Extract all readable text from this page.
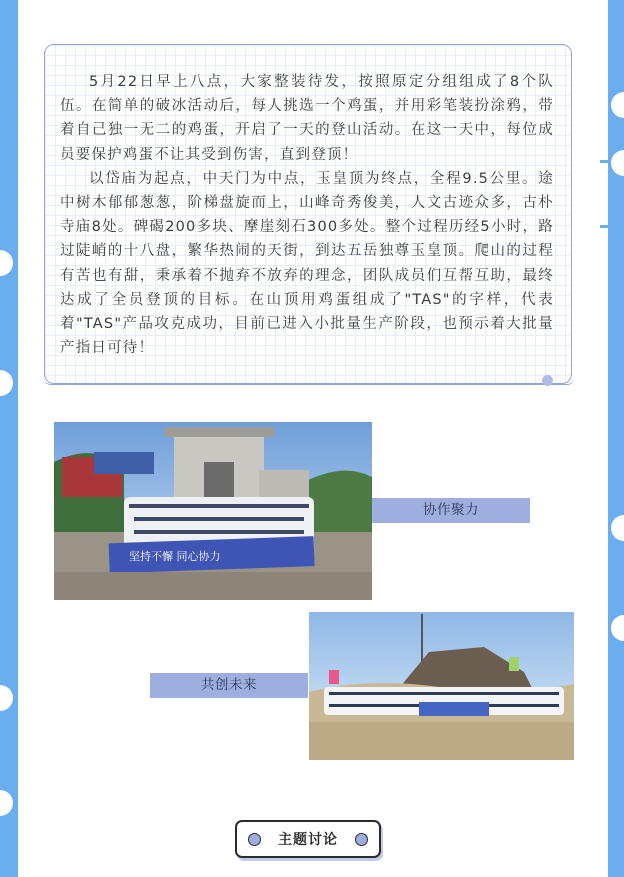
5月22日早上八点，大家整装待发，按照原定分组组成了8个队伍。在简单的破冰活动后，每人挑选一个鸡蛋，并用彩笔装扮涂鸦，带着自己独一无二的鸡蛋，开启了一天的登山活动。在这一天中，每位成员要保护鸡蛋不让其受到伤害，直到登顶！

以岱庙为起点，中天门为中点，玉皇顶为终点，全程9.5公里。途中树木郁郁葱葱，阶梯盘旋而上，山峰奇秀俊美，人文古迹众多，古朴寺庙8处。碑碣200多块、摩崖刻石300多处。整个过程历经5小时，路过陡峭的十八盘，繁华热闹的天街，到达五岳独尊玉皇顶。爬山的过程有苦也有甜，秉承着不抛弃不放弃的理念，团队成员们互帮互助，最终达成了全员登顶的目标。在山顶用鸡蛋组成了"TAS"的字样，代表着"TAS"产品攻克成功，目前已进入小批量生产阶段，也预示着大批量产指日可待！

坚持不懈 同心协力
协作聚力
共创未来
主题讨论
